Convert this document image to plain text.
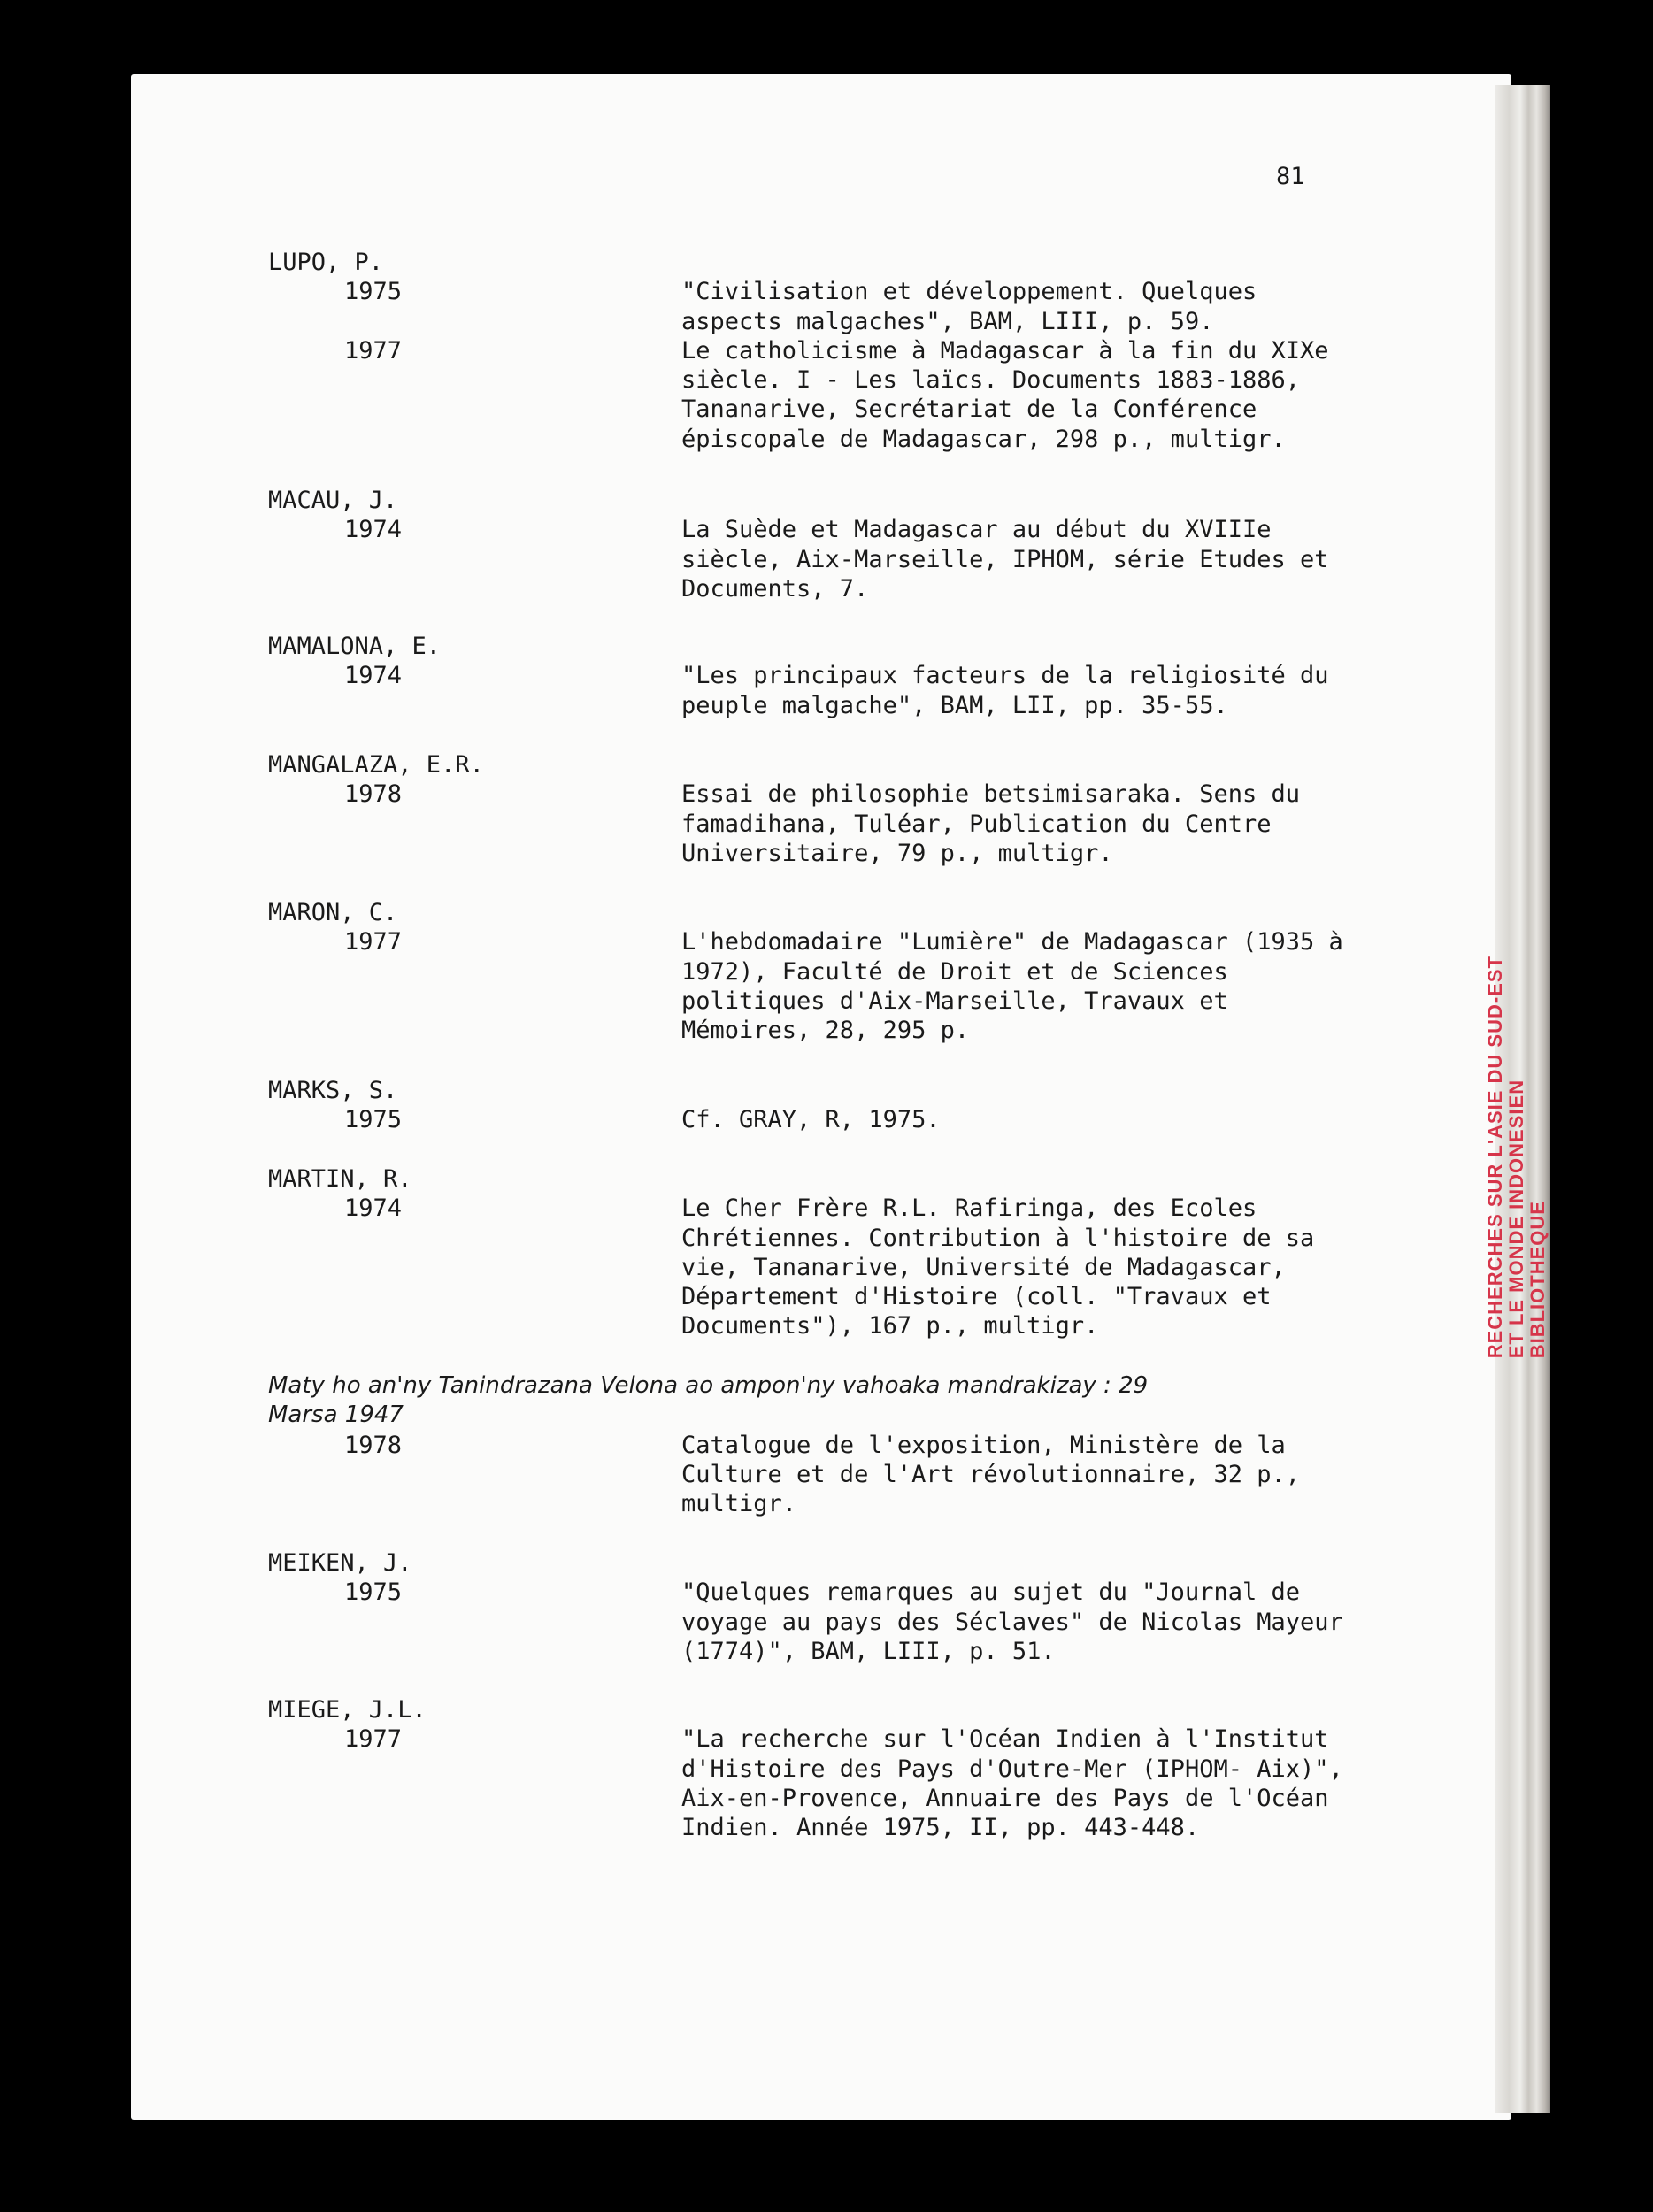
81
LUPO, P.
1975	"Civilisation et développement. Quelques aspects malgaches", BAM, LIII, p. 59.
1977	Le catholicisme à Madagascar à la fin du XIXe siècle. I - Les laïcs. Documents 1883-1886, Tananarive, Secrétariat de la Conférence épiscopale de Madagascar, 298 p., multigr.
MACAU, J.
1974	La Suède et Madagascar au début du XVIIIe siècle, Aix-Marseille, IPHOM, série Etudes et Documents, 7.
MAMALONA, E.
1974	"Les principaux facteurs de la religiosité du peuple malgache", BAM, LII, pp. 35-55.
MANGALAZA, E.R.
1978	Essai de philosophie betsimisaraka. Sens du famadihana, Tuléar, Publication du Centre Universitaire, 79 p., multigr.
MARON, C.
1977	L'hebdomadaire "Lumière" de Madagascar (1935 à 1972), Faculté de Droit et de Sciences politiques d'Aix-Marseille, Travaux et Mémoires, 28, 295 p.
MARKS, S.
1975	Cf. GRAY, R, 1975.
MARTIN, R.
1974	Le Cher Frère R.L. Rafiringa, des Ecoles Chrétiennes. Contribution à l'histoire de sa vie, Tananarive, Université de Madagascar, Département d'Histoire (coll. "Travaux et Documents"), 167 p., multigr.
Maty ho an'ny Tanindrazana Velona ao ampon'ny vahoaka mandrakizay : 29
Marsa 1947
1978	Catalogue de l'exposition, Ministère de la Culture et de l'Art révolutionnaire, 32 p., multigr.
MEIKEN, J.
1975	"Quelques remarques au sujet du "Journal de voyage au pays des Séclaves" de Nicolas Mayeur (1774)", BAM, LIII, p. 51.
MIEGE, J.L.
1977	"La recherche sur l'Océan Indien à l'Institut d'Histoire des Pays d'Outre-Mer (IPHOM- Aix)", Aix-en-Provence, Annuaire des Pays de l'Océan Indien. Année 1975, II, pp. 443-448.
RECHERCHES SUR L'ASIE DU SUD-EST ET LE MONDE INDONESIEN BIBLIOTHEQUE
